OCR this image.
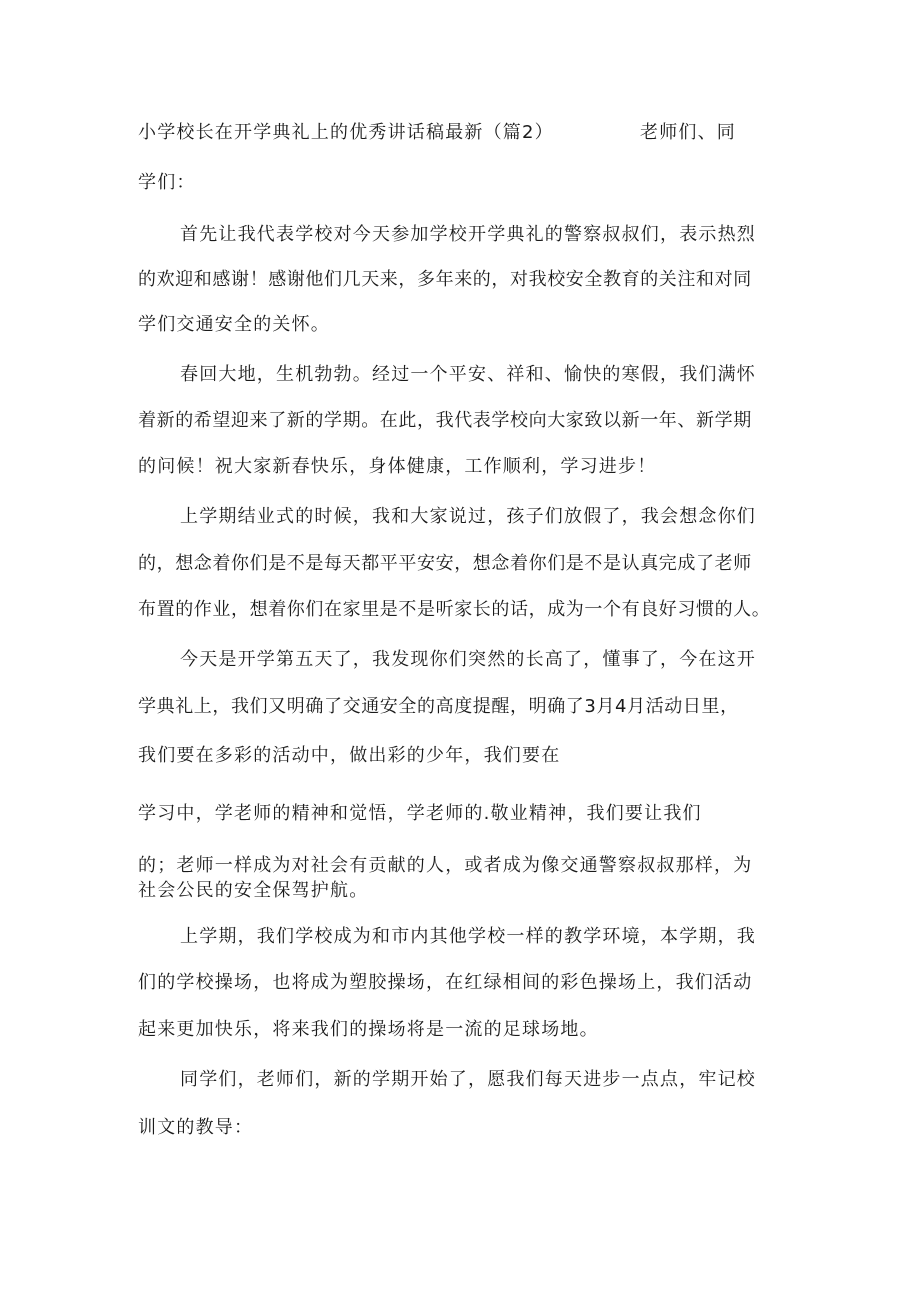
小学校长在开学典礼上的优秀讲话稿最新（篇2）	老师们、同
学们：
首先让我代表学校对今天参加学校开学典礼的警察叔叔们，表示热烈
的欢迎和感谢！感谢他们几天来，多年来的，对我校安全教育的关注和对同
学们交通安全的关怀。
春回大地，生机勃勃。经过一个平安、祥和、愉快的寒假，我们满怀
着新的希望迎来了新的学期。在此，我代表学校向大家致以新一年、新学期
的问候！祝大家新春快乐，身体健康，工作顺利，学习进步！
上学期结业式的时候，我和大家说过，孩子们放假了，我会想念你们
的，想念着你们是不是每天都平平安安，想念着你们是不是认真完成了老师
布置的作业，想着你们在家里是不是听家长的话，成为一个有良好习惯的人。
今天是开学第五天了，我发现你们突然的长高了，懂事了，今在这开
学典礼上，我们又明确了交通安全的高度提醒，明确了3月4月活动日里，
我们要在多彩的活动中，做出彩的少年，我们要在
学习中，学老师的精神和觉悟，学老师的.敬业精神，我们要让我们
的；老师一样成为对社会有贡献的人，或者成为像交通警察叔叔那样，为
社会公民的安全保驾护航。
上学期，我们学校成为和市内其他学校一样的教学环境，本学期，我
们的学校操场，也将成为塑胶操场，在红绿相间的彩色操场上，我们活动
起来更加快乐，将来我们的操场将是一流的足球场地。
同学们，老师们，新的学期开始了，愿我们每天进步一点点，牢记校
训文的教导：
